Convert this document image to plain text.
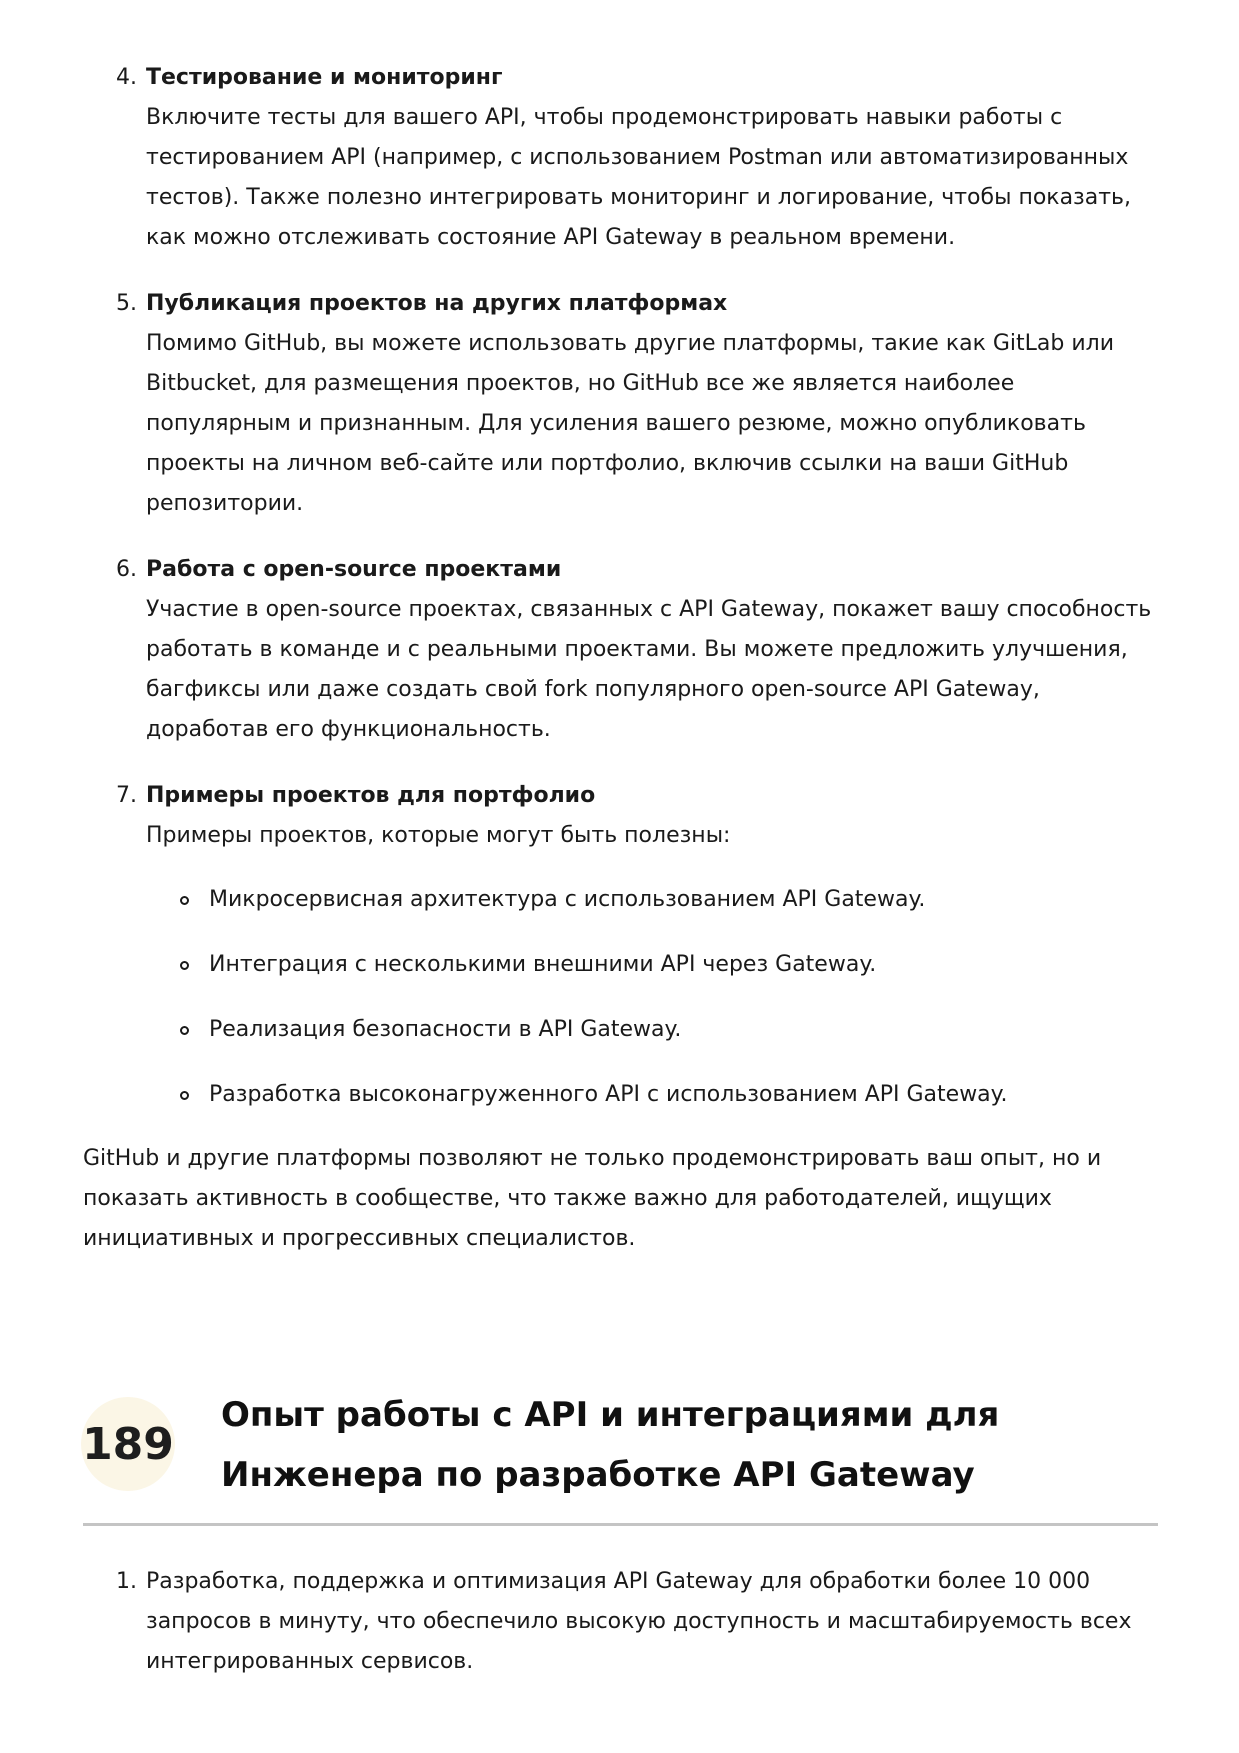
4. Тестирование и мониторинг
Включите тесты для вашего API, чтобы продемонстрировать навыки работы с тестированием API (например, с использованием Postman или автоматизированных тестов). Также полезно интегрировать мониторинг и логирование, чтобы показать, как можно отслеживать состояние API Gateway в реальном времени.
5. Публикация проектов на других платформах
Помимо GitHub, вы можете использовать другие платформы, такие как GitLab или Bitbucket, для размещения проектов, но GitHub все же является наиболее популярным и признанным. Для усиления вашего резюме, можно опубликовать проекты на личном веб-сайте или портфолио, включив ссылки на ваши GitHub репозитории.
6. Работа с open-source проектами
Участие в open-source проектах, связанных с API Gateway, покажет вашу способность работать в команде и с реальными проектами. Вы можете предложить улучшения, багфиксы или даже создать свой fork популярного open-source API Gateway, доработав его функциональность.
7. Примеры проектов для портфолио
Примеры проектов, которые могут быть полезны:
Микросервисная архитектура с использованием API Gateway.
Интеграция с несколькими внешними API через Gateway.
Реализация безопасности в API Gateway.
Разработка высоконагруженного API с использованием API Gateway.
GitHub и другие платформы позволяют не только продемонстрировать ваш опыт, но и показать активность в сообществе, что также важно для работодателей, ищущих инициативных и прогрессивных специалистов.
189
Опыт работы с API и интеграциями для Инженера по разработке API Gateway
1. Разработка, поддержка и оптимизация API Gateway для обработки более 10 000 запросов в минуту, что обеспечило высокую доступность и масштабируемость всех интегрированных сервисов.
